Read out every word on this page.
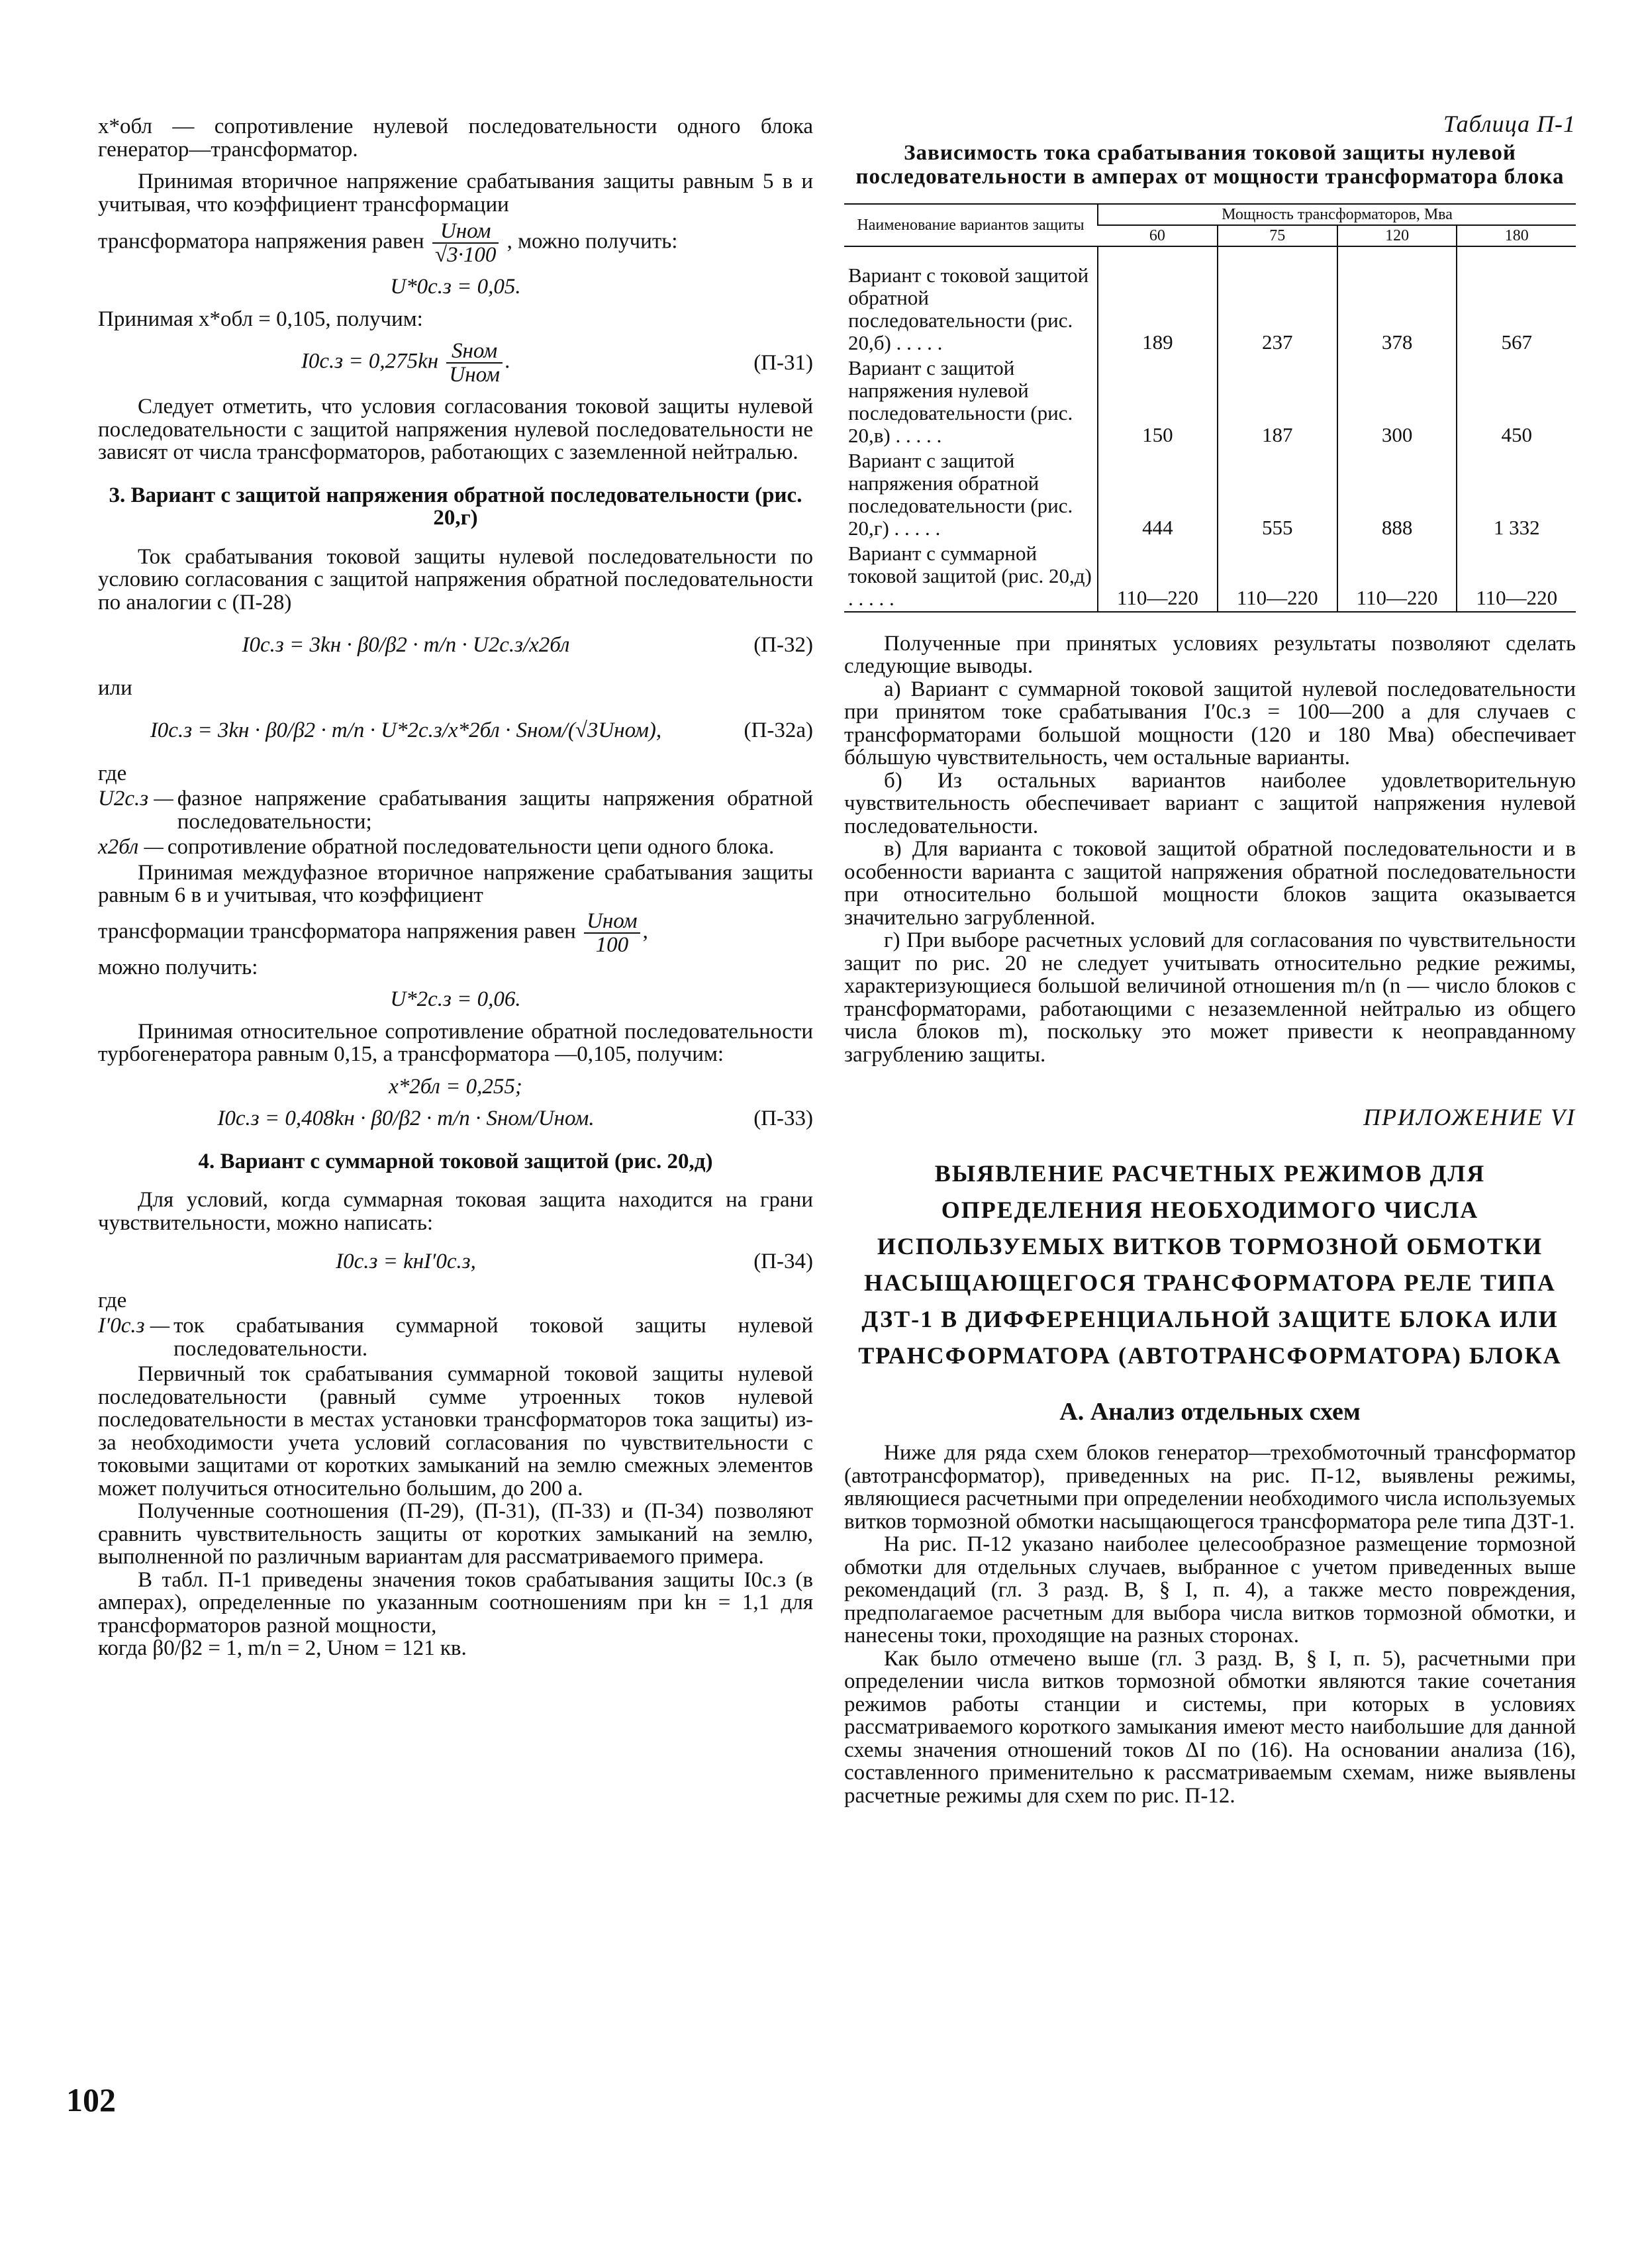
x*обл — сопротивление нулевой последовательности одного блока генератор—трансформатор.

Принимая вторичное напряжение срабатывания защиты равным 5 в и учитывая, что коэффициент трансформации

трансформатора напряжения равен $\frac{\text{Uном}}{√3\cdot 100}$ , можно получить:

U*0с.з = 0,05.

Принимая x*обл = 0,105, получим:

$I0с.з = 0,275kн \frac{\text{Sном}}{\text{Uном}}$ .	(П-31)

Следует отметить, что условия согласования токовой защиты нулевой последовательности с защитой напряжения нулевой последовательности не зависят от числа трансформаторов, работающих с заземленной нейтралью.

3. Вариант с защитой напряжения обратной последовательности (рис. 20,г)

Ток срабатывания токовой защиты нулевой последовательности по условию согласования с защитой напряжения обратной последовательности по аналогии с (П-28)

I0с.з = 3kн · β0/β2 · m/n · U2с.з/x2бл	(П-32)

или

I0с.з = 3kн · β0/β2 · m/n · U*2с.з/x*2бл · Sном/(√3Uном),	(П-32а)

где

U2с.з — фазное напряжение срабатывания защиты напряжения обратной последовательности;
x2бл — сопротивление обратной последовательности цепи одного блока.

Принимая междуфазное вторичное напряжение срабатывания защиты равным 6 в и учитывая, что коэффициент

трансформации трансформатора напряжения равен $\frac{\text{Uном}}{100}$ ,

можно получить:

U*2с.з = 0,06.

Принимая относительное сопротивление обратной последовательности турбогенератора равным 0,15, а трансформатора —0,105, получим:

x*2бл = 0,255;
I0с.з = 0,408kн · β0/β2 · m/n · Sном/Uном.	(П-33)
4. Вариант с суммарной токовой защитой (рис. 20,д)

Для условий, когда суммарная токовая защита находится на грани чувствительности, можно написать:

I0с.з = kнI′0с.з,	(П-34)

где

I′0с.з — ток срабатывания суммарной токовой защиты нулевой последовательности.

Первичный ток срабатывания суммарной токовой защиты нулевой последовательности (равный сумме утроенных токов нулевой последовательности в местах установки трансформаторов тока защиты) из-за необходимости учета условий согласования по чувствительности с токовыми защитами от коротких замыканий на землю смежных элементов может получиться относительно большим, до 200 а.

Полученные соотношения (П-29), (П-31), (П-33) и (П-34) позволяют сравнить чувствительность защиты от коротких замыканий на землю, выполненной по различным вариантам для рассматриваемого примера.

В табл. П-1 приведены значения токов срабатывания защиты I0с.з (в амперах), определенные по указанным соотношениям при kн = 1,1 для трансформаторов разной мощности,

когда β0/β2 = 1, m/n = 2, Uном = 121 кв.

Таблица П-1
Зависимость тока срабатывания токовой защиты нулевой последовательности в амперах от мощности трансформатора блока
Наименование вариантов защиты	Мощность трансформаторов, Мва			
	60	75	120	180
Вариант с токовой защитой обратной последовательности (рис. 20,б) . . . . .	189	237	378	567
Вариант с защитой напряжения нулевой последовательности (рис. 20,в) . . . . .	150	187	300	450
Вариант с защитой напряжения обратной последовательности (рис. 20,г) . . . . .	444	555	888	1 332
Вариант с суммарной токовой защитой (рис. 20,д) . . . . .	110—220	110—220	110—220	110—220

Полученные при принятых условиях результаты позволяют сделать следующие выводы.

а) Вариант с суммарной токовой защитой нулевой последовательности при принятом токе срабатывания I′0с.з = 100—200 а для случаев с трансформаторами большой мощности (120 и 180 Мва) обеспечивает бóльшую чувствительность, чем остальные варианты.

б) Из остальных вариантов наиболее удовлетворительную чувствительность обеспечивает вариант с защитой напряжения нулевой последовательности.

в) Для варианта с токовой защитой обратной последовательности и в особенности варианта с защитой напряжения обратной последовательности при относительно большой мощности блоков защита оказывается значительно загрубленной.

г) При выборе расчетных условий для согласования по чувствительности защит по рис. 20 не следует учитывать относительно редкие режимы, характеризующиеся большой величиной отношения m/n (n — число блоков с трансформаторами, работающими с незаземленной нейтралью из общего числа блоков m), поскольку это может привести к неоправданному загрублению защиты.

ПРИЛОЖЕНИЕ VI
ВЫЯВЛЕНИЕ РАСЧЕТНЫХ РЕЖИМОВ ДЛЯ ОПРЕДЕЛЕНИЯ НЕОБХОДИМОГО ЧИСЛА ИСПОЛЬЗУЕМЫХ ВИТКОВ ТОРМОЗНОЙ ОБМОТКИ НАСЫЩАЮЩЕГОСЯ ТРАНСФОРМАТОРА РЕЛЕ ТИПА ДЗТ-1 В ДИФФЕРЕНЦИАЛЬНОЙ ЗАЩИТЕ БЛОКА ИЛИ ТРАНСФОРМАТОРА (АВТОТРАНСФОРМАТОРА) БЛОКА
А. Анализ отдельных схем

Ниже для ряда схем блоков генератор—трехобмоточный трансформатор (автотрансформатор), приведенных на рис. П-12, выявлены режимы, являющиеся расчетными при определении необходимого числа используемых витков тормозной обмотки насыщающегося трансформатора реле типа ДЗТ-1.

На рис. П-12 указано наиболее целесообразное размещение тормозной обмотки для отдельных случаев, выбранное с учетом приведенных выше рекомендаций (гл. 3 разд. В, § I, п. 4), а также место повреждения, предполагаемое расчетным для выбора числа витков тормозной обмотки, и нанесены токи, проходящие на разных сторонах.

Как было отмечено выше (гл. 3 разд. В, § I, п. 5), расчетными при определении числа витков тормозной обмотки являются такие сочетания режимов работы станции и системы, при которых в условиях рассматриваемого короткого замыкания имеют место наибольшие для данной схемы значения отношений токов ΔI по (16). На основании анализа (16), составленного применительно к рассматриваемым схемам, ниже выявлены расчетные режимы для схем по рис. П-12.

102
